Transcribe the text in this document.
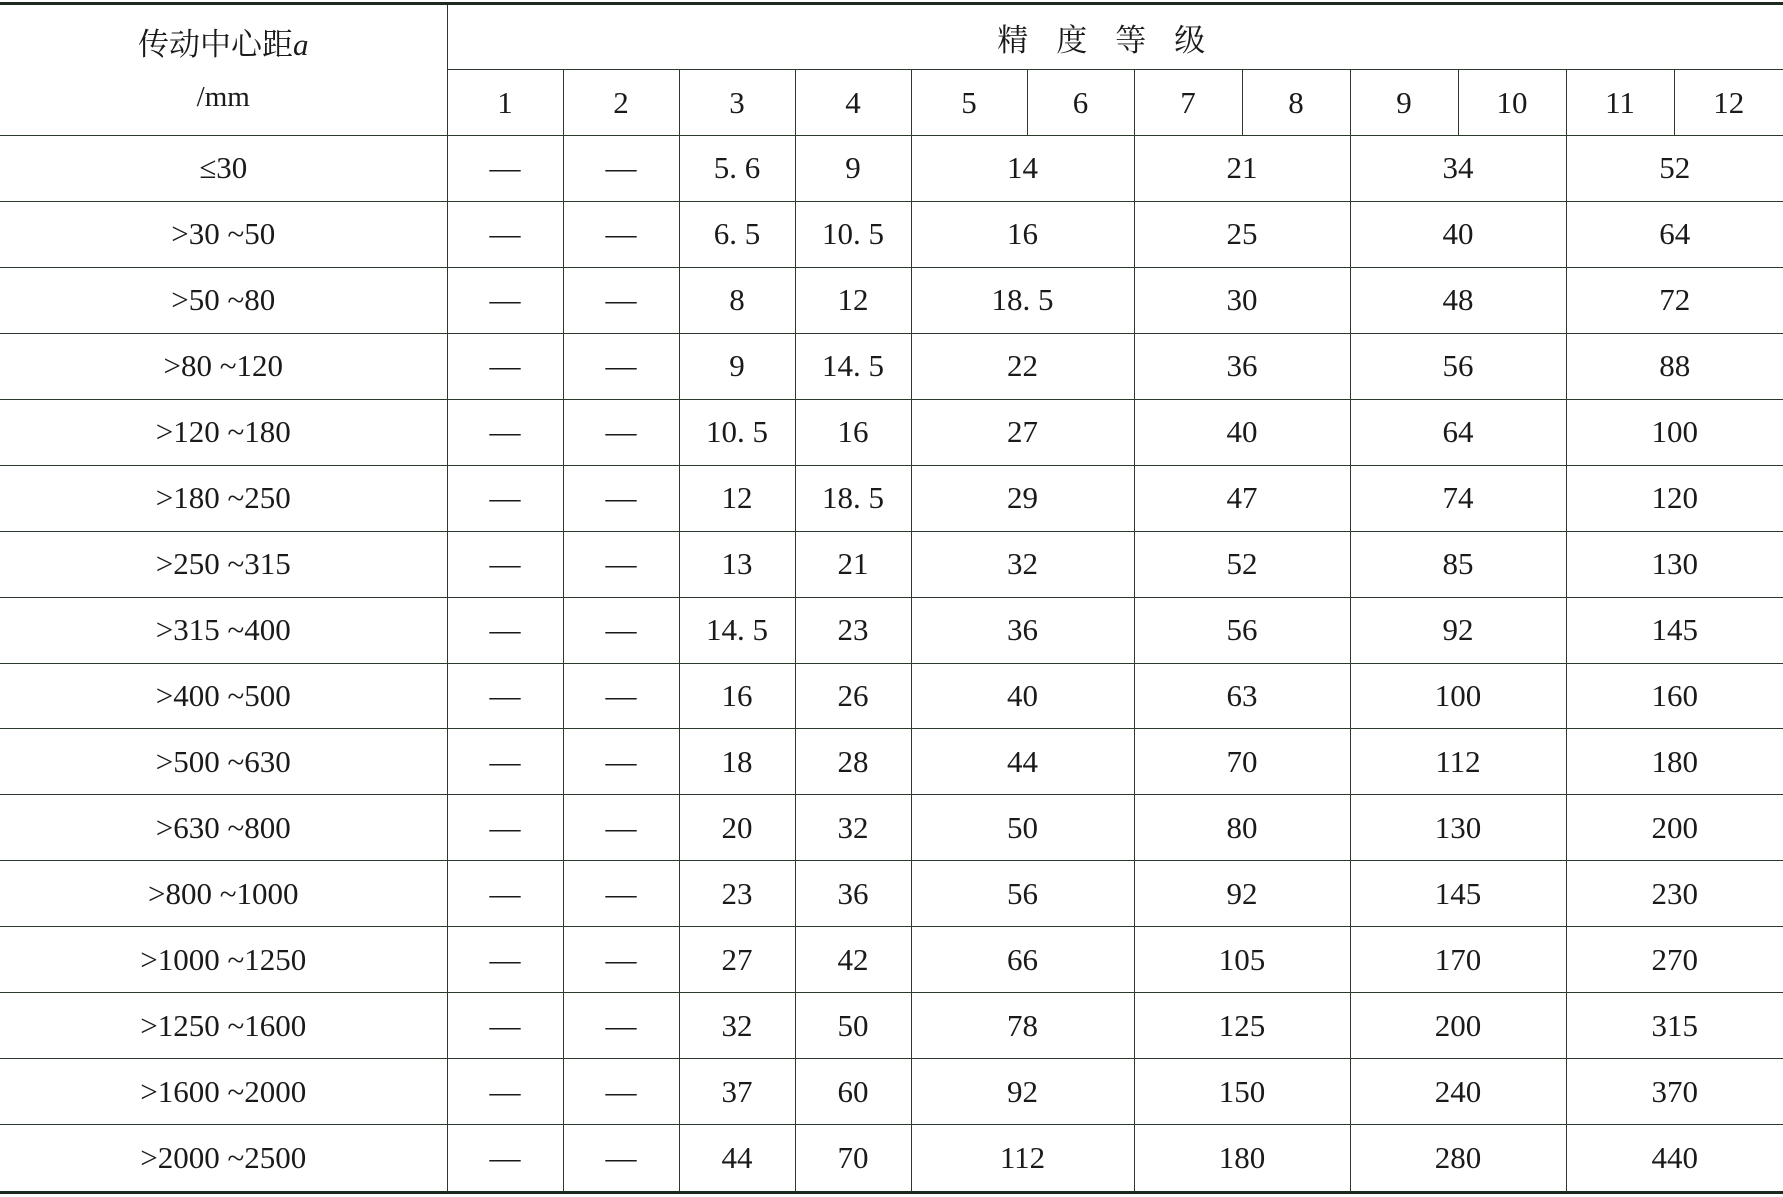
传动中心距a
/mm	精度等级											
	1	2	3	4	5	6	7	8	9	10	11	12
≤30	—	—	5. 6	9	14		21		34		52	
>30 ~50	—	—	6. 5	10. 5	16		25		40		64	
>50 ~80	—	—	8	12	18. 5		30		48		72	
>80 ~120	—	—	9	14. 5	22		36		56		88	
>120 ~180	—	—	10. 5	16	27		40		64		100	
>180 ~250	—	—	12	18. 5	29		47		74		120	
>250 ~315	—	—	13	21	32		52		85		130	
>315 ~400	—	—	14. 5	23	36		56		92		145	
>400 ~500	—	—	16	26	40		63		100		160	
>500 ~630	—	—	18	28	44		70		112		180	
>630 ~800	—	—	20	32	50		80		130		200	
>800 ~1000	—	—	23	36	56		92		145		230	
>1000 ~1250	—	—	27	42	66		105		170		270	
>1250 ~1600	—	—	32	50	78		125		200		315	
>1600 ~2000	—	—	37	60	92		150		240		370	
>2000 ~2500	—	—	44	70	112		180		280		440	
